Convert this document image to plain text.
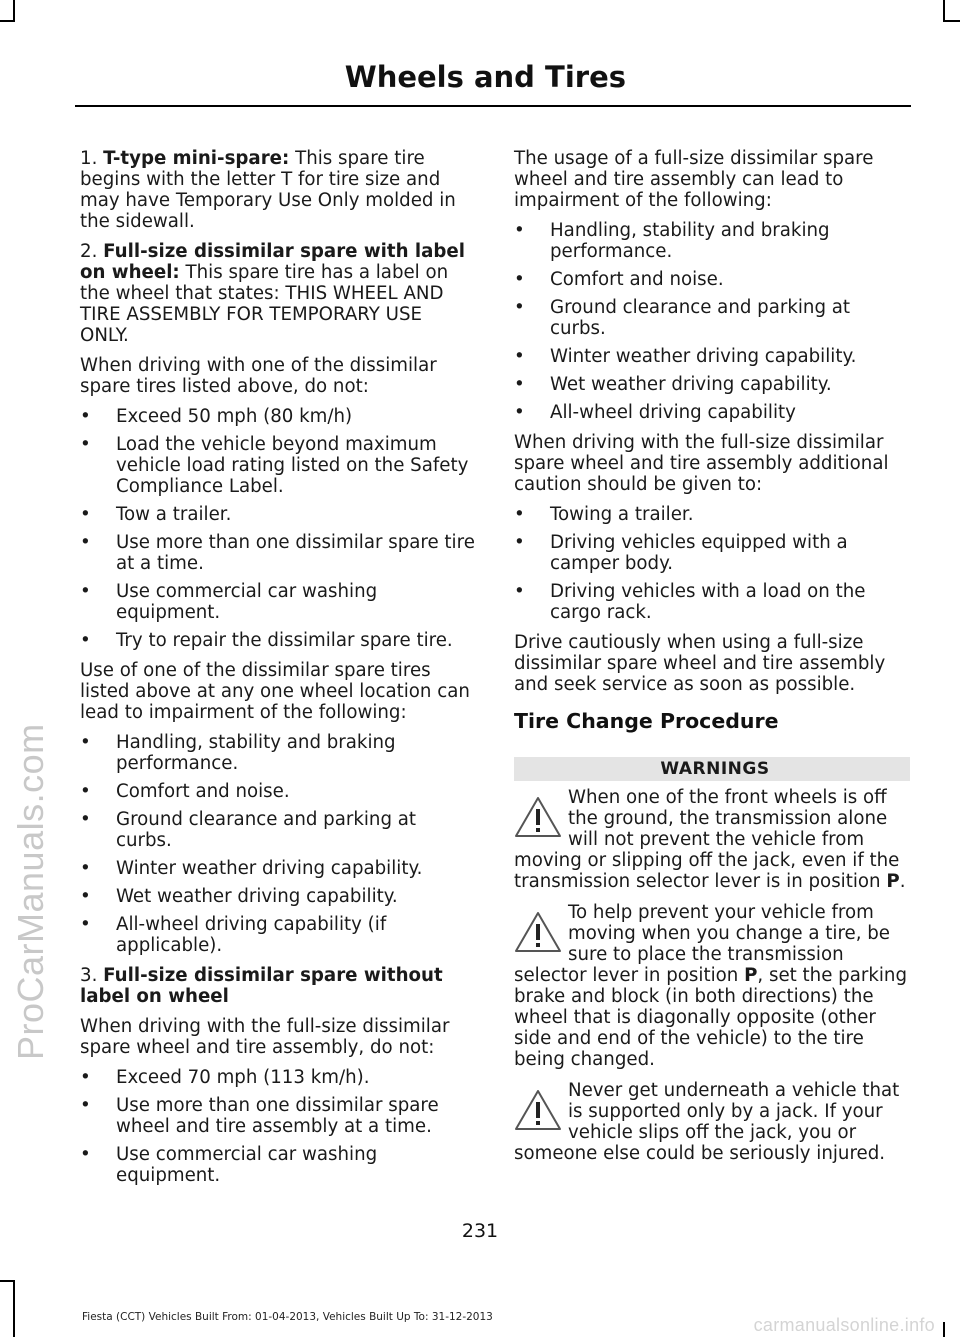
ProCarManuals.com
Wheels and Tires

1. T-type mini-spare: This spare tire begins with the letter T for tire size and may have Temporary Use Only molded in the sidewall.

2. Full-size dissimilar spare with label on wheel: This spare tire has a label on the wheel that states: THIS WHEEL AND TIRE ASSEMBLY FOR TEMPORARY USE ONLY.

When driving with one of the dissimilar spare tires listed above, do not:

• Exceed 50 mph (80 km/h)
• Load the vehicle beyond maximum vehicle load rating listed on the Safety Compliance Label.
• Tow a trailer.
• Use more than one dissimilar spare tire at a time.
• Use commercial car washing equipment.
• Try to repair the dissimilar spare tire.

Use of one of the dissimilar spare tires listed above at any one wheel location can lead to impairment of the following:

• Handling, stability and braking performance.
• Comfort and noise.
• Ground clearance and parking at curbs.
• Winter weather driving capability.
• Wet weather driving capability.
• All-wheel driving capability (if applicable).

3. Full-size dissimilar spare without label on wheel

When driving with the full-size dissimilar spare wheel and tire assembly, do not:

• Exceed 70 mph (113 km/h).
• Use more than one dissimilar spare wheel and tire assembly at a time.
• Use commercial car washing equipment.

The usage of a full-size dissimilar spare wheel and tire assembly can lead to impairment of the following:

• Handling, stability and braking performance.
• Comfort and noise.
• Ground clearance and parking at curbs.
• Winter weather driving capability.
• Wet weather driving capability.
• All-wheel driving capability

When driving with the full-size dissimilar spare wheel and tire assembly additional caution should be given to:

• Towing a trailer.
• Driving vehicles equipped with a camper body.
• Driving vehicles with a load on the cargo rack.

Drive cautiously when using a full-size dissimilar spare wheel and tire assembly and seek service as soon as possible.

Tire Change Procedure
WARNINGS
When one of the front wheels is off the ground, the transmission alone will not prevent the vehicle from moving or slipping off the jack, even if the transmission selector lever is in position P.
To help prevent your vehicle from moving when you change a tire, be sure to place the transmission selector lever in position P, set the parking brake and block (in both directions) the wheel that is diagonally opposite (other side and end of the vehicle) to the tire being changed.
Never get underneath a vehicle that is supported only by a jack. If your vehicle slips off the jack, you or someone else could be seriously injured.
231
Fiesta (CCT) Vehicles Built From: 01-04-2013, Vehicles Built Up To: 31-12-2013	carmanualsonline.info
